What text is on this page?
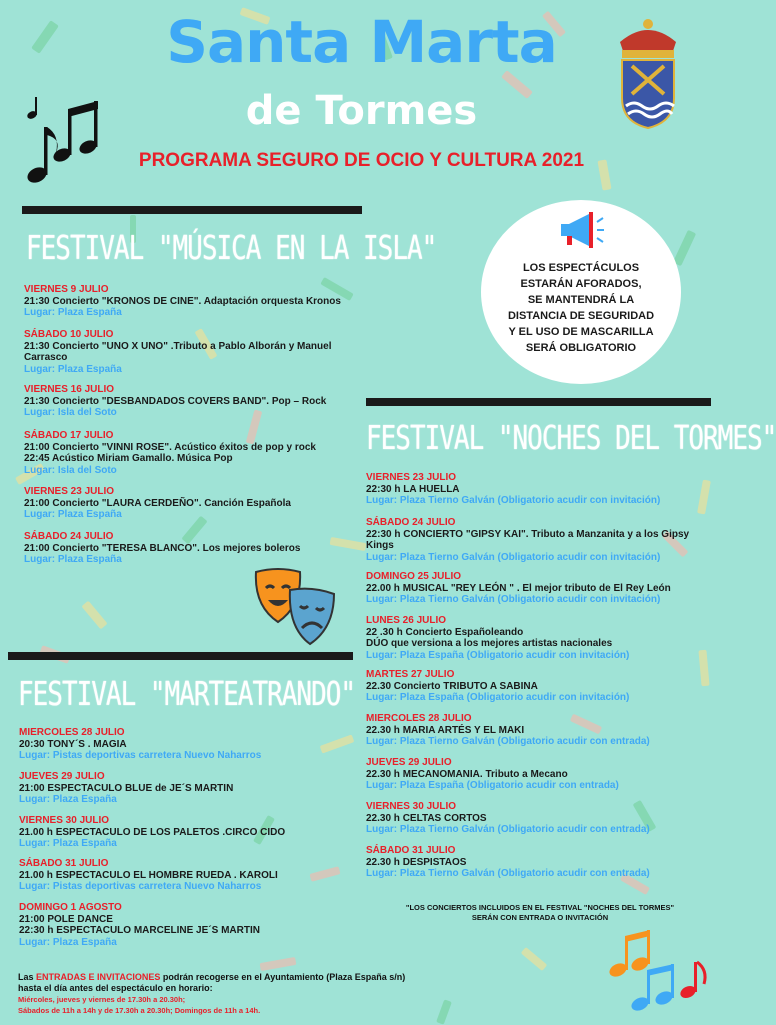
Santa Marta
de Tormes
PROGRAMA SEGURO DE OCIO Y CULTURA 2021
LOS ESPECTÁCULOS
ESTARÁN AFORADOS,
SE MANTENDRÁ LA
DISTANCIA DE SEGURIDAD
Y EL USO DE MASCARILLA
SERÁ OBLIGATORIO
FESTIVAL "MÚSICA EN LA ISLA"
VIERNES 9 JULIO
21:30 Concierto "KRONOS DE CINE". Adaptación orquesta Kronos
Lugar: Plaza España
SÁBADO 10 JULIO
21:30 Concierto "UNO X UNO" .Tributo a Pablo Alborán y Manuel
Carrasco
Lugar: Plaza España
VIERNES 16 JULIO
21:30 Concierto "DESBANDADOS COVERS BAND". Pop – Rock
Lugar: Isla del Soto
SÁBADO 17 JULIO
21:00 Concierto "VINNI ROSE". Acústico éxitos de pop y rock
22:45 Acústico Miriam Gamallo. Música Pop
Lugar: Isla del Soto
VIERNES 23 JULIO
21:00 Concierto "LAURA CERDEÑO". Canción Española
Lugar: Plaza España
SÁBADO 24 JULIO
21:00 Concierto "TERESA BLANCO". Los mejores boleros
Lugar: Plaza España
FESTIVAL "NOCHES DEL TORMES"
VIERNES 23 JULIO
22:30 h LA HUELLA
Lugar: Plaza Tierno Galván (Obligatorio acudir con invitación)
SÁBADO 24 JULIO
22:30 h CONCIERTO "GIPSY KAI". Tributo a Manzanita y a los Gipsy
Kings
Lugar: Plaza Tierno Galván (Obligatorio acudir con invitación)
DOMINGO 25 JULIO
22.00 h MUSICAL "REY LEÓN " . El mejor tributo de El Rey León
Lugar: Plaza Tierno Galván (Obligatorio acudir con invitación)
LUNES 26 JULIO
22 .30 h Concierto Españoleando
DÚO que versiona a los mejores artistas nacionales
Lugar: Plaza España (Obligatorio acudir con invitación)
MARTES 27 JULIO
22.30 Concierto TRIBUTO A SABINA
Lugar: Plaza España (Obligatorio acudir con invitación)
MIERCOLES 28 JULIO
22.30 h MARIA ARTÉS Y EL MAKI
Lugar: Plaza Tierno Galván (Obligatorio acudir con entrada)
JUEVES 29 JULIO
22.30 h MECANOMANIA. Tributo a Mecano
Lugar: Plaza España (Obligatorio acudir con entrada)
VIERNES 30 JULIO
22.30 h CELTAS CORTOS
Lugar: Plaza Tierno Galván (Obligatorio acudir con entrada)
SÁBADO 31 JULIO
22.30 h DESPISTAOS
Lugar: Plaza Tierno Galván (Obligatorio acudir con entrada)
"LOS CONCIERTOS INCLUIDOS EN EL FESTIVAL "NOCHES DEL TORMES"
SERÁN CON ENTRADA O INVITACIÓN
FESTIVAL "MARTEATRANDO"
MIERCOLES 28 JULIO
20:30 TONY´S . MAGIA
Lugar: Pistas deportivas carretera Nuevo Naharros
JUEVES 29 JULIO
21:00 ESPECTACULO BLUE de JE´S MARTIN
Lugar: Plaza España
VIERNES 30 JULIO
21.00 h ESPECTACULO DE LOS PALETOS .CIRCO CIDO
Lugar: Plaza España
SÁBADO 31 JULIO
21.00 h ESPECTACULO EL HOMBRE RUEDA . KAROLI
Lugar: Pistas deportivas carretera Nuevo Naharros
DOMINGO 1 AGOSTO
21:00 POLE DANCE
22:30 h ESPECTACULO MARCELINE JE´S MARTIN
Lugar: Plaza España
Las ENTRADAS E INVITACIONES podrán recogerse en el Ayuntamiento (Plaza España s/n)
hasta el día antes del espectáculo en horario:
Miércoles, jueves y viernes de 17.30h a 20.30h;
Sábados de 11h a 14h y de 17.30h a 20.30h; Domingos de 11h a 14h.
